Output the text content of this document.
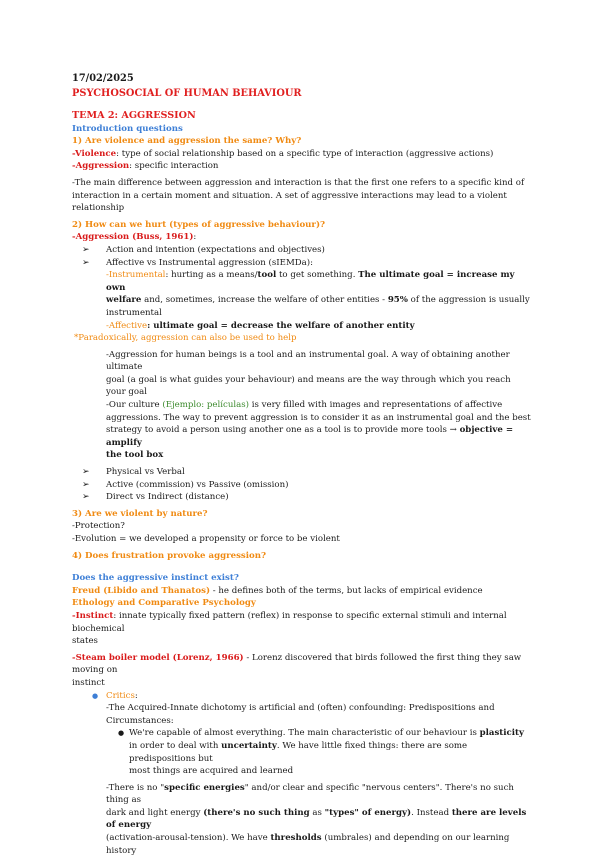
17/02/2025

PSYCHOSOCIAL OF HUMAN BEHAVIOUR

TEMA 2: AGGRESSION

Introduction questions

1) Are violence and aggression the same? Why?

-Violence: type of social relationship based on a specific type of interaction (aggressive actions)

-Aggression: specific interaction

-The main difference between aggression and interaction is that the first one refers to a specific kind of
interaction in a certain moment and situation. A set of aggressive interactions may lead to a violent relationship

2) How can we hurt (types of aggressive behaviour)?

-Aggression (Buss, 1961):

➢ Action and intention (expectations and objectives)

➢ Affective vs Instrumental aggression (sIEMDa):

-Instrumental: hurting as a means/tool to get something. The ultimate goal = increase my own
welfare and, sometimes, increase the welfare of other entities - 95% of the aggression is usually
instrumental

-Affective: ultimate goal = decrease the welfare of another entity

*Paradoxically, aggression can also be used to help

-Aggression for human beings is a tool and an instrumental goal. A way of obtaining another ultimate
goal (a goal is what guides your behaviour) and means are the way through which you reach your goal

-Our culture (Ejemplo: películas) is very filled with images and representations of affective
aggressions. The way to prevent aggression is to consider it as an instrumental goal and the best
strategy to avoid a person using another one as a tool is to provide more tools → objective = amplify
the tool box

➢ Physical vs Verbal

➢ Active (commission) vs Passive (omission)

➢ Direct vs Indirect (distance)

3) Are we violent by nature?

-Protection?

-Evolution = we developed a propensity or force to be violent

4) Does frustration provoke aggression?

Does the aggressive instinct exist?

Freud (Libido and Thanatos) - he defines both of the terms, but lacks of empirical evidence

Ethology and Comparative Psychology

-Instinct: innate typically fixed pattern (reflex) in response to specific external stimuli and internal biochemical
states

-Steam boiler model (Lorenz, 1966) - Lorenz discovered that birds followed the first thing they saw moving on
instinct

● Critics:

-The Acquired-Innate dichotomy is artificial and (often) confounding: Predispositions and
Circumstances:

● We're capable of almost everything. The main characteristic of our behaviour is plasticity
in order to deal with uncertainty. We have little fixed things: there are some predispositions but
most things are acquired and learned

-There is no "specific energies" and/or clear and specific "nervous centers". There's no such thing as
dark and light energy (there's no such thing as "types" of energy). Instead there are levels of energy
(activation-arousal-tension). We have thresholds (umbrales) and depending on our learning history
